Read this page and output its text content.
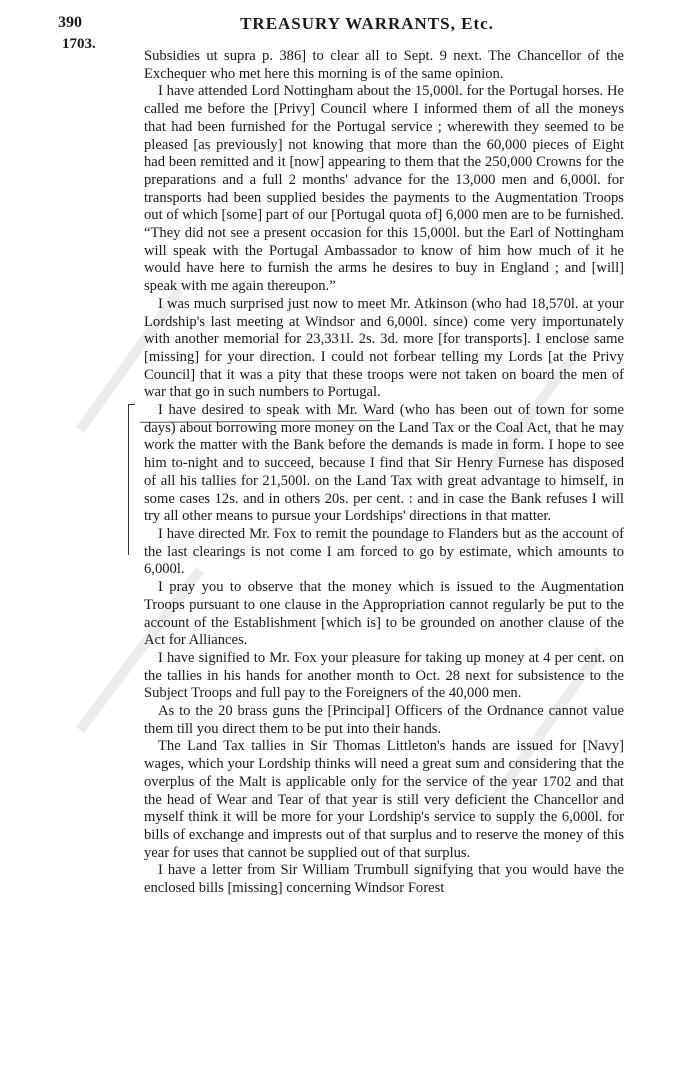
390	TREASURY WARRANTS, Etc.
1703.

Subsidies ut supra p. 386] to clear all to Sept. 9 next. The Chancellor of the Exchequer who met here this morning is of the same opinion.

I have attended Lord Nottingham about the 15,000l. for the Portugal horses. He called me before the [Privy] Council where I informed them of all the moneys that had been furnished for the Portugal service ; wherewith they seemed to be pleased [as previously] not knowing that more than the 60,000 pieces of Eight had been remitted and it [now] appearing to them that the 250,000 Crowns for the preparations and a full 2 months' advance for the 13,000 men and 6,000l. for transports had been supplied besides the payments to the Augmentation Troops out of which [some] part of our [Portugal quota of] 6,000 men are to be furnished. “They did not see a present occasion for this 15,000l. but the Earl of Nottingham will speak with the Portugal Ambassador to know of him how much of it he would have here to furnish the arms he desires to buy in England ; and [will] speak with me again thereupon.”

I was much surprised just now to meet Mr. Atkinson (who had 18,570l. at your Lordship's last meeting at Windsor and 6,000l. since) come very importunately with another memorial for 23,331l. 2s. 3d. more [for transports]. I enclose same [missing] for your direction. I could not forbear telling my Lords [at the Privy Council] that it was a pity that these troops were not taken on board the men of war that go in such numbers to Portugal.

I have desired to speak with Mr. Ward (who has been out of town for some days) about borrowing more money on the Land Tax or the Coal Act, that he may work the matter with the Bank before the demands is made in form. I hope to see him to-night and to succeed, because I find that Sir Henry Furnese has disposed of all his tallies for 21,500l. on the Land Tax with great advantage to himself, in some cases 12s. and in others 20s. per cent. : and in case the Bank refuses I will try all other means to pursue your Lordships' directions in that matter.

I have directed Mr. Fox to remit the poundage to Flanders but as the account of the last clearings is not come I am forced to go by estimate, which amounts to 6,000l.

I pray you to observe that the money which is issued to the Augmentation Troops pursuant to one clause in the Appropriation cannot regularly be put to the account of the Establishment [which is] to be grounded on another clause of the Act for Alliances.

I have signified to Mr. Fox your pleasure for taking up money at 4 per cent. on the tallies in his hands for another month to Oct. 28 next for subsistence to the Subject Troops and full pay to the Foreigners of the 40,000 men.

As to the 20 brass guns the [Principal] Officers of the Ordnance cannot value them till you direct them to be put into their hands.

The Land Tax tallies in Sir Thomas Littleton's hands are issued for [Navy] wages, which your Lordship thinks will need a great sum and considering that the overplus of the Malt is applicable only for the service of the year 1702 and that the head of Wear and Tear of that year is still very deficient the Chancellor and myself think it will be more for your Lordship's service to supply the 6,000l. for bills of exchange and imprests out of that surplus and to reserve the money of this year for uses that cannot be supplied out of that surplus.

I have a letter from Sir William Trumbull signifying that you would have the enclosed bills [missing] concerning Windsor Forest
